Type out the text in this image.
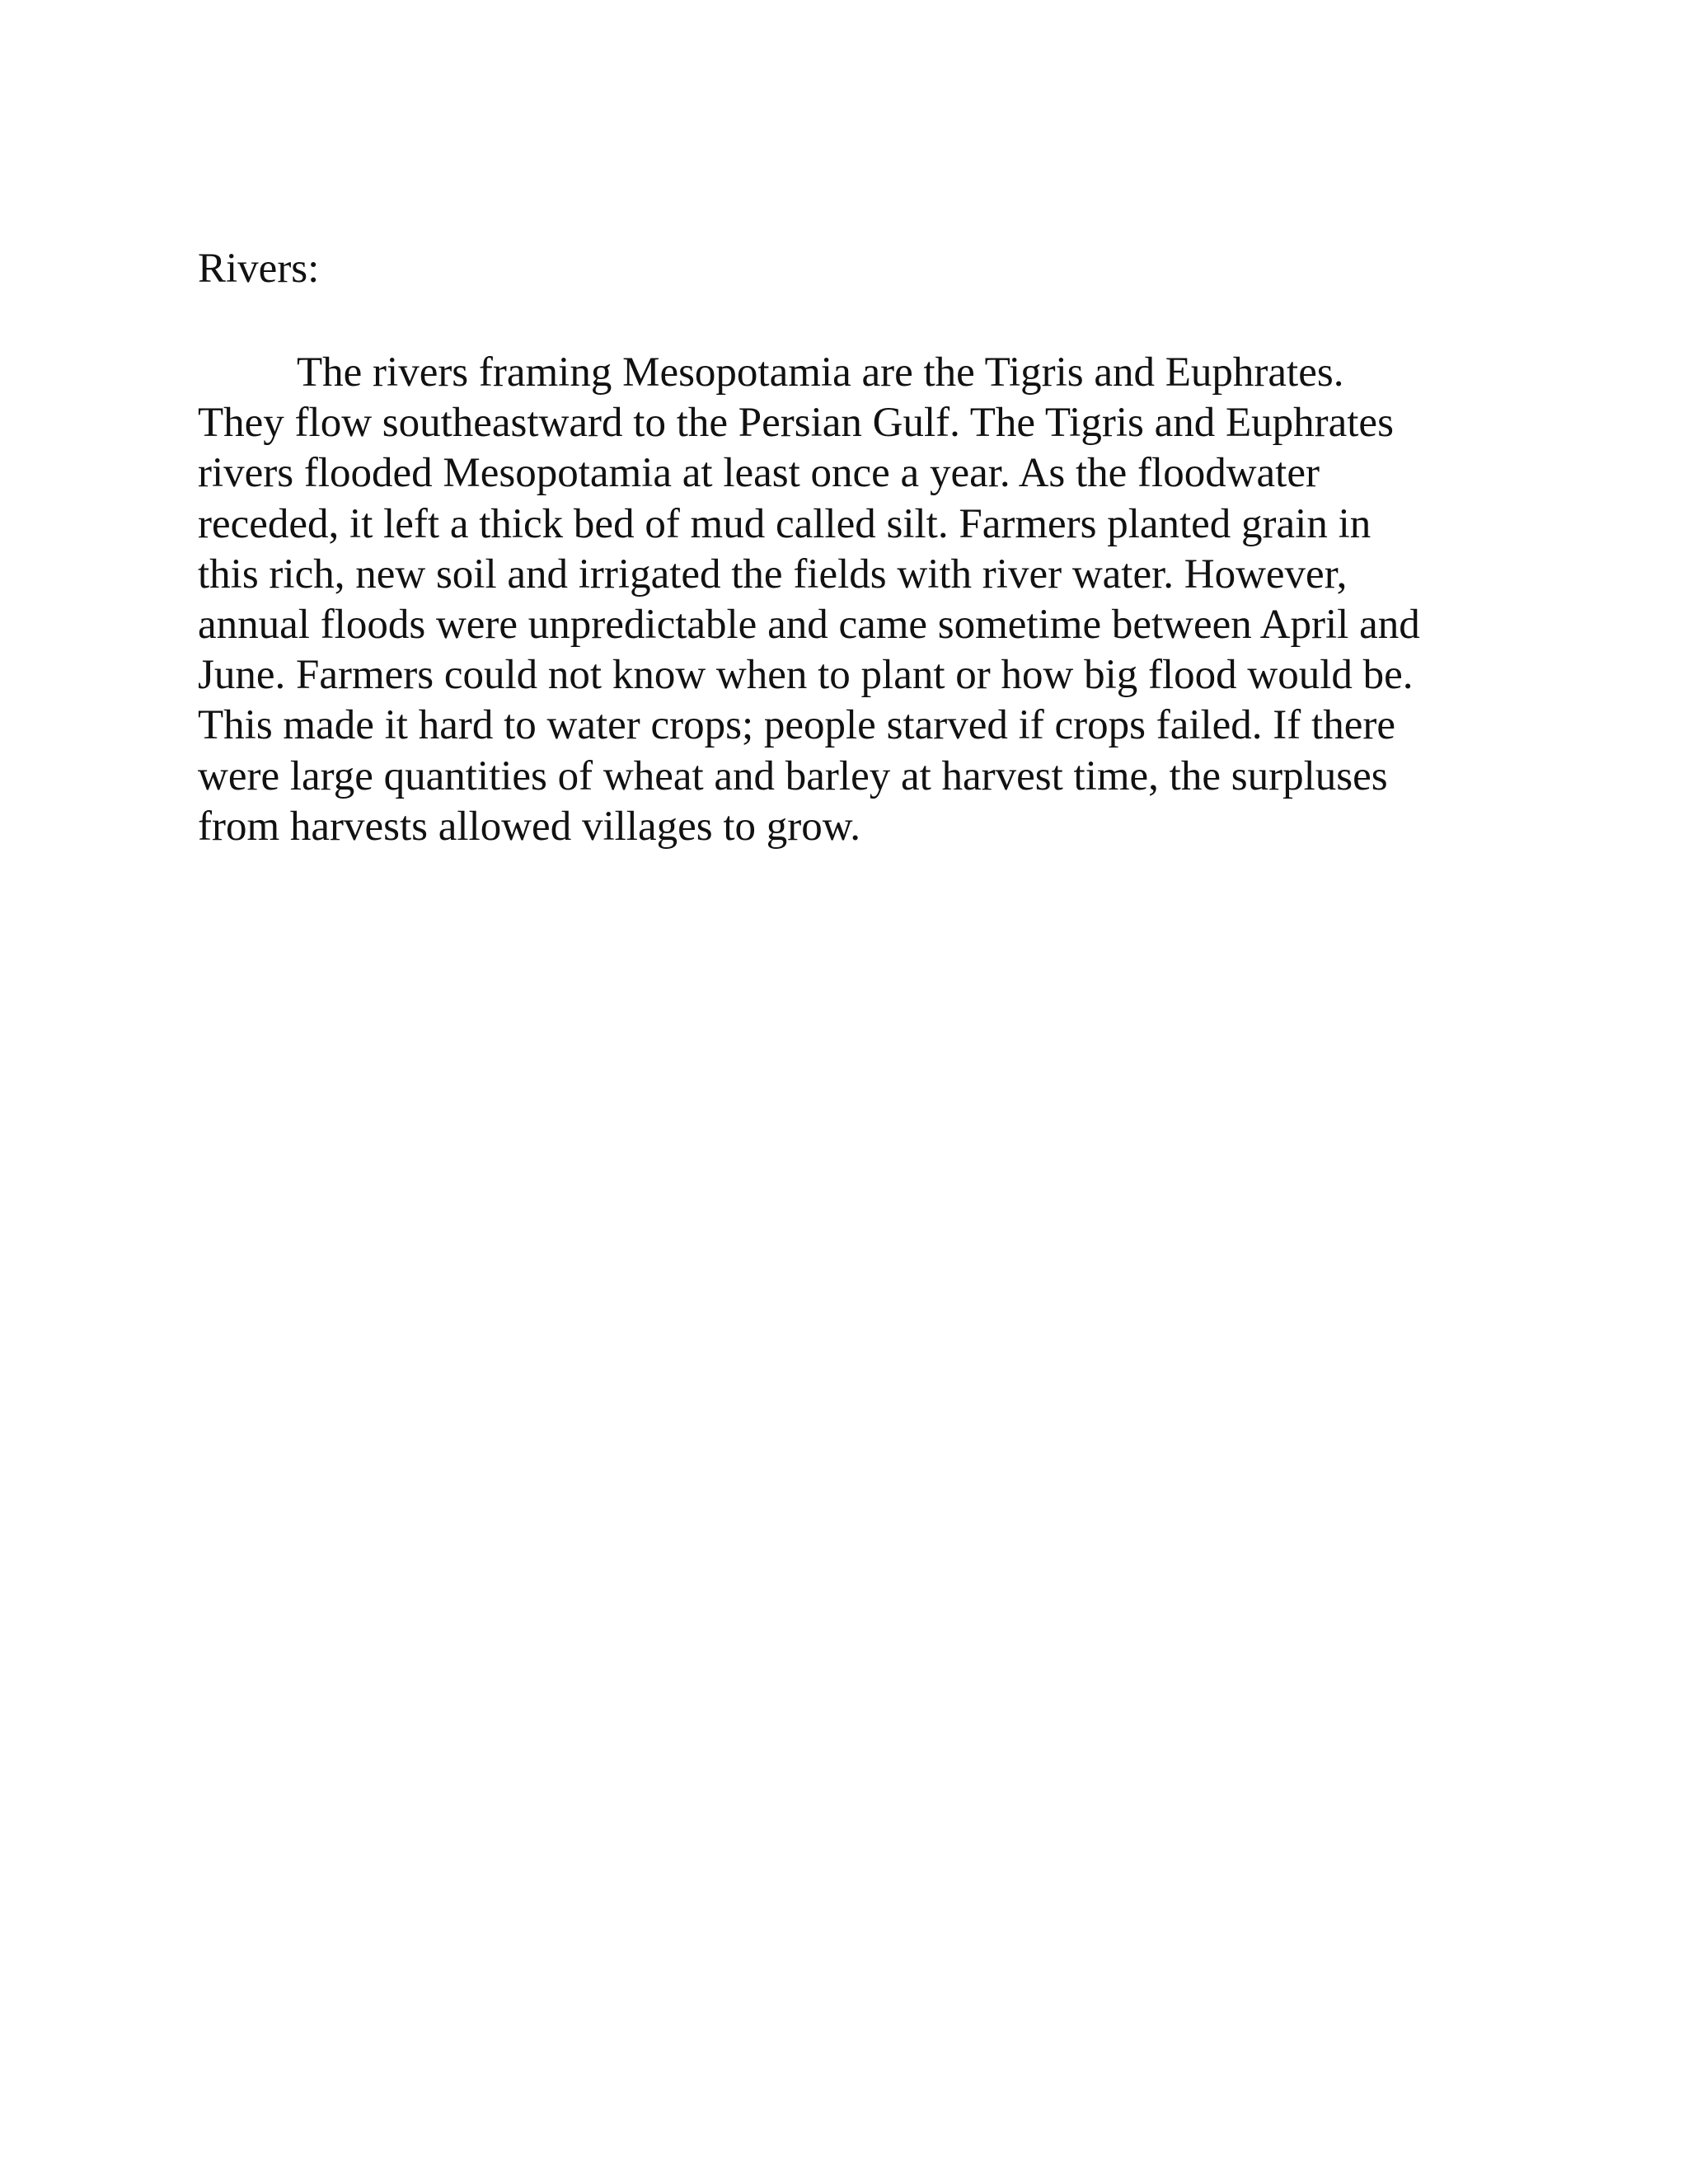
Rivers:
The rivers framing Mesopotamia are the Tigris and Euphrates.
They flow southeastward to the Persian Gulf. The Tigris and Euphrates
rivers flooded Mesopotamia at least once a year. As the floodwater
receded, it left a thick bed of mud called silt. Farmers planted grain in
this rich, new soil and irrigated the fields with river water. However,
annual floods were unpredictable and came sometime between April and
June. Farmers could not know when to plant or how big flood would be.
This made it hard to water crops; people starved if crops failed. If there
were large quantities of wheat and barley at harvest time, the surpluses
from harvests allowed villages to grow.
